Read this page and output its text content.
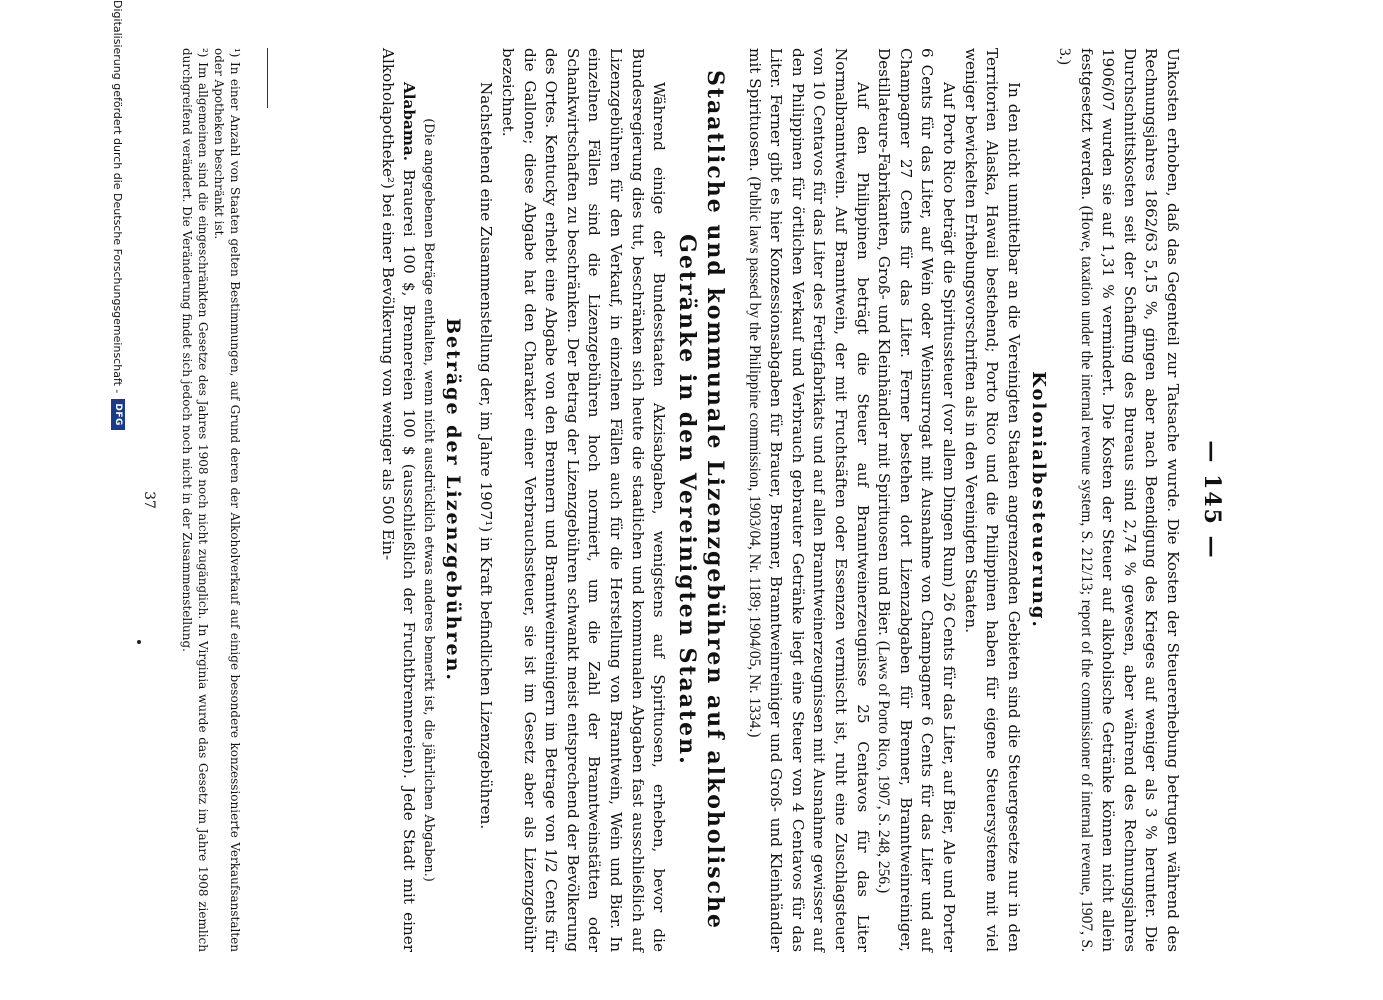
— 145 —

Unkosten erhoben, daß das Gegenteil zur Tatsache wurde. Die Kosten der Steuererhebung betrugen während des Rechnungsjahres 1862/63 5,15 %, gingen aber nach Beendigung des Krieges auf weniger als 3 % herunter. Die Durchschnittskosten seit der Schaffung des Bureaus sind 2,74 % gewesen, aber während des Rechnungsjahres 1906/07 wurden sie auf 1,31 % vermindert. Die Kosten der Steuer auf alkoholische Getränke können nicht allein festgesetzt werden. (Howe, taxation under the internal revenue system, S. 212/13; report of the commissioner of internal revenue, 1907, S. 3.)

Kolonialbesteuerung.

In den nicht unmittelbar an die Vereinigten Staaten angrenzenden Gebieten sind die Steuergesetze nur in den Territorien Alaska, Hawaii bestehend; Porto Rico und die Philippinen haben für eigene Steuersysteme mit viel weniger bewickelten Erhebungsvorschriften als in den Vereinigten Staaten.

Auf Porto Rico beträgt die Spiritussteuer (vor allem Dingen Rum) 26 Cents für das Liter, auf Bier, Ale und Porter 6 Cents für das Liter, auf Wein oder Weinsurrogat mit Ausnahme von Champagner 6 Cents für das Liter und auf Champagner 27 Cents für das Liter. Ferner bestehen dort Lizenzabgaben für Brenner, Branntweinreiniger, Destillateure-Fabrikanten, Groß- und Kleinhändler mit Spirituosen und Bier. (Laws of Porto Rico, 1907, S. 248, 256.)

Auf den Philippinen beträgt die Steuer auf Branntweinerzeugnisse 25 Centavos für das Liter Normalbranntwein. Auf Branntwein, der mit Fruchtsäften oder Essenzen vermischt ist, ruht eine Zuschlagsteuer von 10 Centavos für das Liter des Fertigfabrikats und auf allen Branntweinerzeugnissen mit Ausnahme gewisser auf den Philippinen für örtlichen Verkauf und Verbrauch gebrauter Getränke liegt eine Steuer von 4 Centavos für das Liter. Ferner gibt es hier Konzessionsabgaben für Brauer, Brenner, Branntweinreiniger und Groß- und Kleinhändler mit Spirituosen. (Public laws passed by the Philippine commission, 1903/04, Nr. 1189; 1904/05, Nr. 1334.)

Staatliche und kommunale Lizenzgebühren auf alkoholische Getränke in den Vereinigten Staaten.

Während einige der Bundesstaaten Akzisabgaben, wenigstens auf Spirituosen, erheben, bevor die Bundesregierung dies tut, beschränken sich heute die staatlichen und kommunalen Abgaben fast ausschließlich auf Lizenzgebühren für den Verkauf, in einzelnen Fällen auch für die Herstellung von Branntwein, Wein und Bier. In einzelnen Fällen sind die Lizenzgebühren hoch normiert, um die Zahl der Branntweinstätten oder Schankwirtschaften zu beschränken. Der Betrag der Lizenzgebühren schwankt meist entsprechend der Bevölkerung des Ortes. Kentucky erhebt eine Abgabe von den Brennern und Branntweinreinigern im Betrage von 1/2 Cents für die Gallone; diese Abgabe hat den Charakter einer Verbrauchssteuer, sie ist im Gesetz aber als Lizenzgebühr bezeichnet.

Nachstehend eine Zusammenstellung der, im Jahre 1907¹) in Kraft befindlichen Lizenzgebühren.

Beträge der Lizenzgebühren.
(Die angegebenen Beträge enthalten, wenn nicht ausdrücklich etwas anderes bemerkt ist, die jährlichen Abgaben.)

Alabama. Brauerei 100 $, Brennereien 100 $ (ausschließlich der Fruchtbrennereien). Jede Stadt mit einer Alkoholapotheke²) bei einer Bevölkerung von weniger als 500 Ein-

¹) In einer Anzahl von Staaten gelten Bestimmungen, auf Grund deren der Alkoholverkauf auf einige besondere konzessionierte Verkaufsanstalten oder Apotheken beschränkt ist.

²) Im allgemeinen sind die eingeschränkten Gesetze des Jahres 1908 noch nicht zugänglich. In Virginia wurde das Gesetz im Jahre 1908 ziemlich durchgreifend verändert. Die Veränderung findet sich jedoch noch nicht in der Zusammenstellung.

37
Digitalisierung gefördert durch die Deutsche Forschungsgemeinschaft -
DFG
